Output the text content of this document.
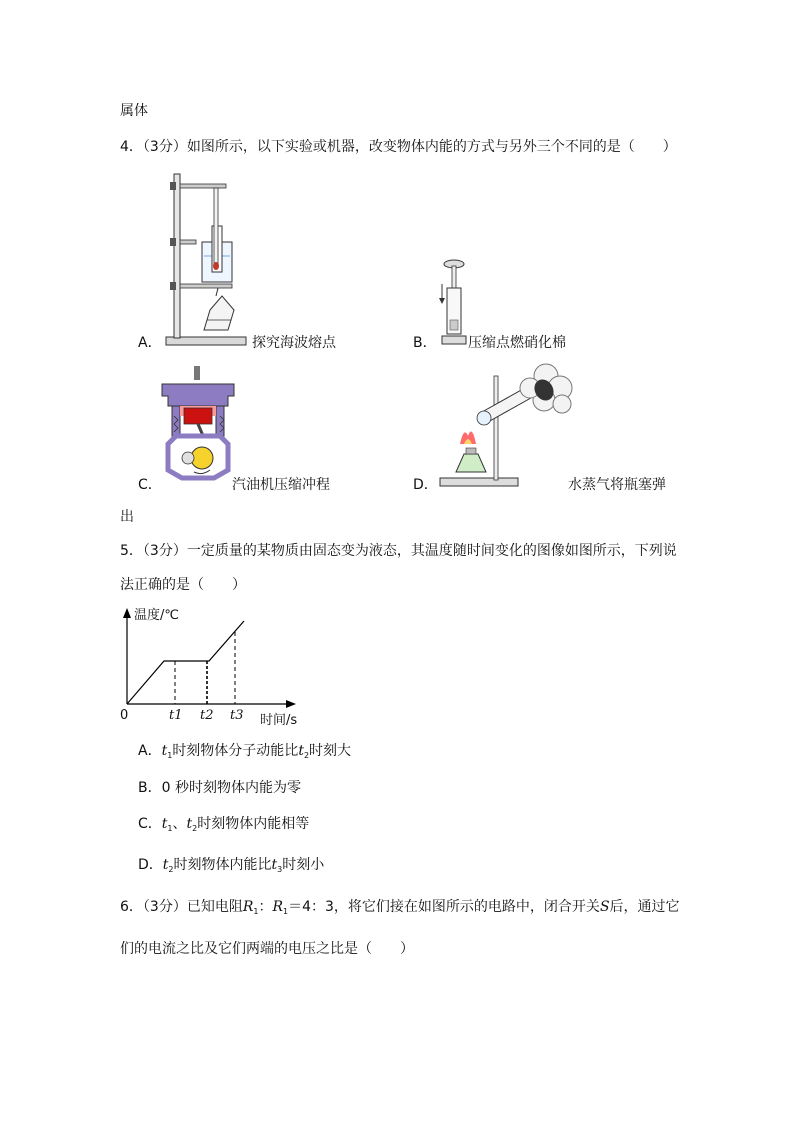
属体
4．（3分）如图所示，以下实验或机器，改变物体内能的方式与另外三个不同的是（　　）
A．	探究海波熔点	B． 压缩点燃硝化棉
C．	汽油机压缩冲程	D．	水蒸气将瓶塞弹
出
5．（3分）一定质量的某物质由固态变为液态，其温度随时间变化的图像如图所示，下列说
法正确的是（　　）
温度/℃
0	t1 t2 t3 时间/s
A．$t_1$时刻物体分子动能比$t_2$时刻大
B．0 秒时刻物体内能为零
C．$t_1$、$t_2$时刻物体内能相等
D．$t_2$时刻物体内能比$t_3$时刻小
6．（3分）已知电阻$R_1$：$R_1=4$：3，将它们接在如图所示的电路中，闭合开关S后，通过它
们的电流之比及它们两端的电压之比是（　　）
